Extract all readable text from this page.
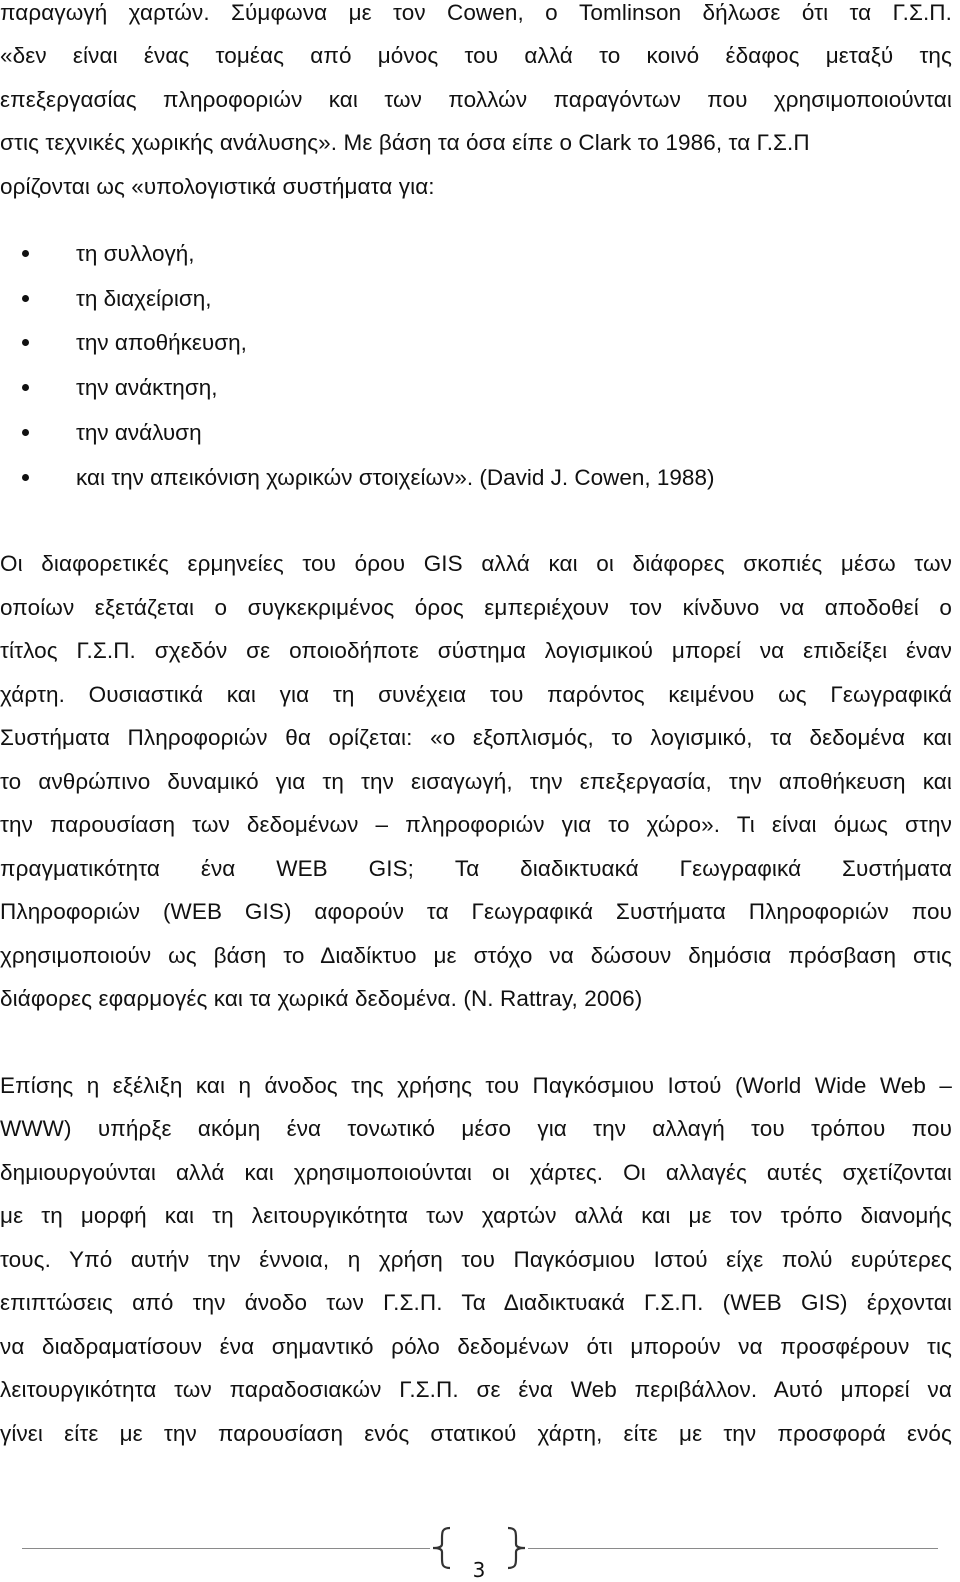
παραγωγή χαρτών. Σύμφωνα με τον Cowen, ο Tomlinson δήλωσε ότι τα Γ.Σ.Π.
«δεν είναι ένας τομέας από μόνος του αλλά το κοινό έδαφος μεταξύ της
επεξεργασίας πληροφοριών και των πολλών παραγόντων που χρησιμοποιούνται
στις τεχνικές χωρικής ανάλυσης». Με βάση τα όσα είπε ο Clark το 1986, τα Γ.Σ.Π
ορίζονται ως «υπολογιστικά συστήματα για:
τη συλλογή,
τη διαχείριση,
την αποθήκευση,
την ανάκτηση,
την ανάλυση
και την απεικόνιση χωρικών στοιχείων». (David J. Cowen, 1988)
Οι διαφορετικές ερμηνείες του όρου GIS αλλά και οι διάφορες σκοπιές μέσω των
οποίων εξετάζεται ο συγκεκριμένος όρος εμπεριέχουν τον κίνδυνο να αποδοθεί ο
τίτλος Γ.Σ.Π. σχεδόν σε οποιοδήποτε σύστημα λογισμικού μπορεί να επιδείξει έναν
χάρτη. Ουσιαστικά και για τη συνέχεια του παρόντος κειμένου ως Γεωγραφικά
Συστήματα Πληροφοριών θα ορίζεται: «ο εξοπλισμός, το λογισμικό, τα δεδομένα και
το ανθρώπινο δυναμικό για τη την εισαγωγή, την επεξεργασία, την αποθήκευση και
την παρουσίαση των δεδομένων – πληροφοριών για το χώρο». Τι είναι όμως στην
πραγματικότητα ένα WEB GIS; Τα διαδικτυακά Γεωγραφικά Συστήματα
Πληροφοριών (WEB GIS) αφορούν τα Γεωγραφικά Συστήματα Πληροφοριών που
χρησιμοποιούν ως βάση το Διαδίκτυο με στόχο να δώσουν δημόσια πρόσβαση στις
διάφορες εφαρμογές και τα χωρικά δεδομένα. (N. Rattray, 2006)
Επίσης η εξέλιξη και η άνοδος της χρήσης του Παγκόσμιου Ιστού (World Wide Web –
WWW) υπήρξε ακόμη ένα τονωτικό μέσο για την αλλαγή του τρόπου που
δημιουργούνται αλλά και χρησιμοποιούνται οι χάρτες. Οι αλλαγές αυτές σχετίζονται
με τη μορφή και τη λειτουργικότητα των χαρτών αλλά και με τον τρόπο διανομής
τους. Υπό αυτήν την έννοια, η χρήση του Παγκόσμιου Ιστού είχε πολύ ευρύτερες
επιπτώσεις από την άνοδο των Γ.Σ.Π. Τα Διαδικτυακά Γ.Σ.Π. (WEB GIS) έρχονται
να διαδραματίσουν ένα σημαντικό ρόλο δεδομένων ότι μπορούν να προσφέρουν τις
λειτουργικότητα των παραδοσιακών Γ.Σ.Π. σε ένα Web περιβάλλον. Αυτό μπορεί να
γίνει είτε με την παρουσίαση ενός στατικού χάρτη, είτε με την προσφορά ενός
3
